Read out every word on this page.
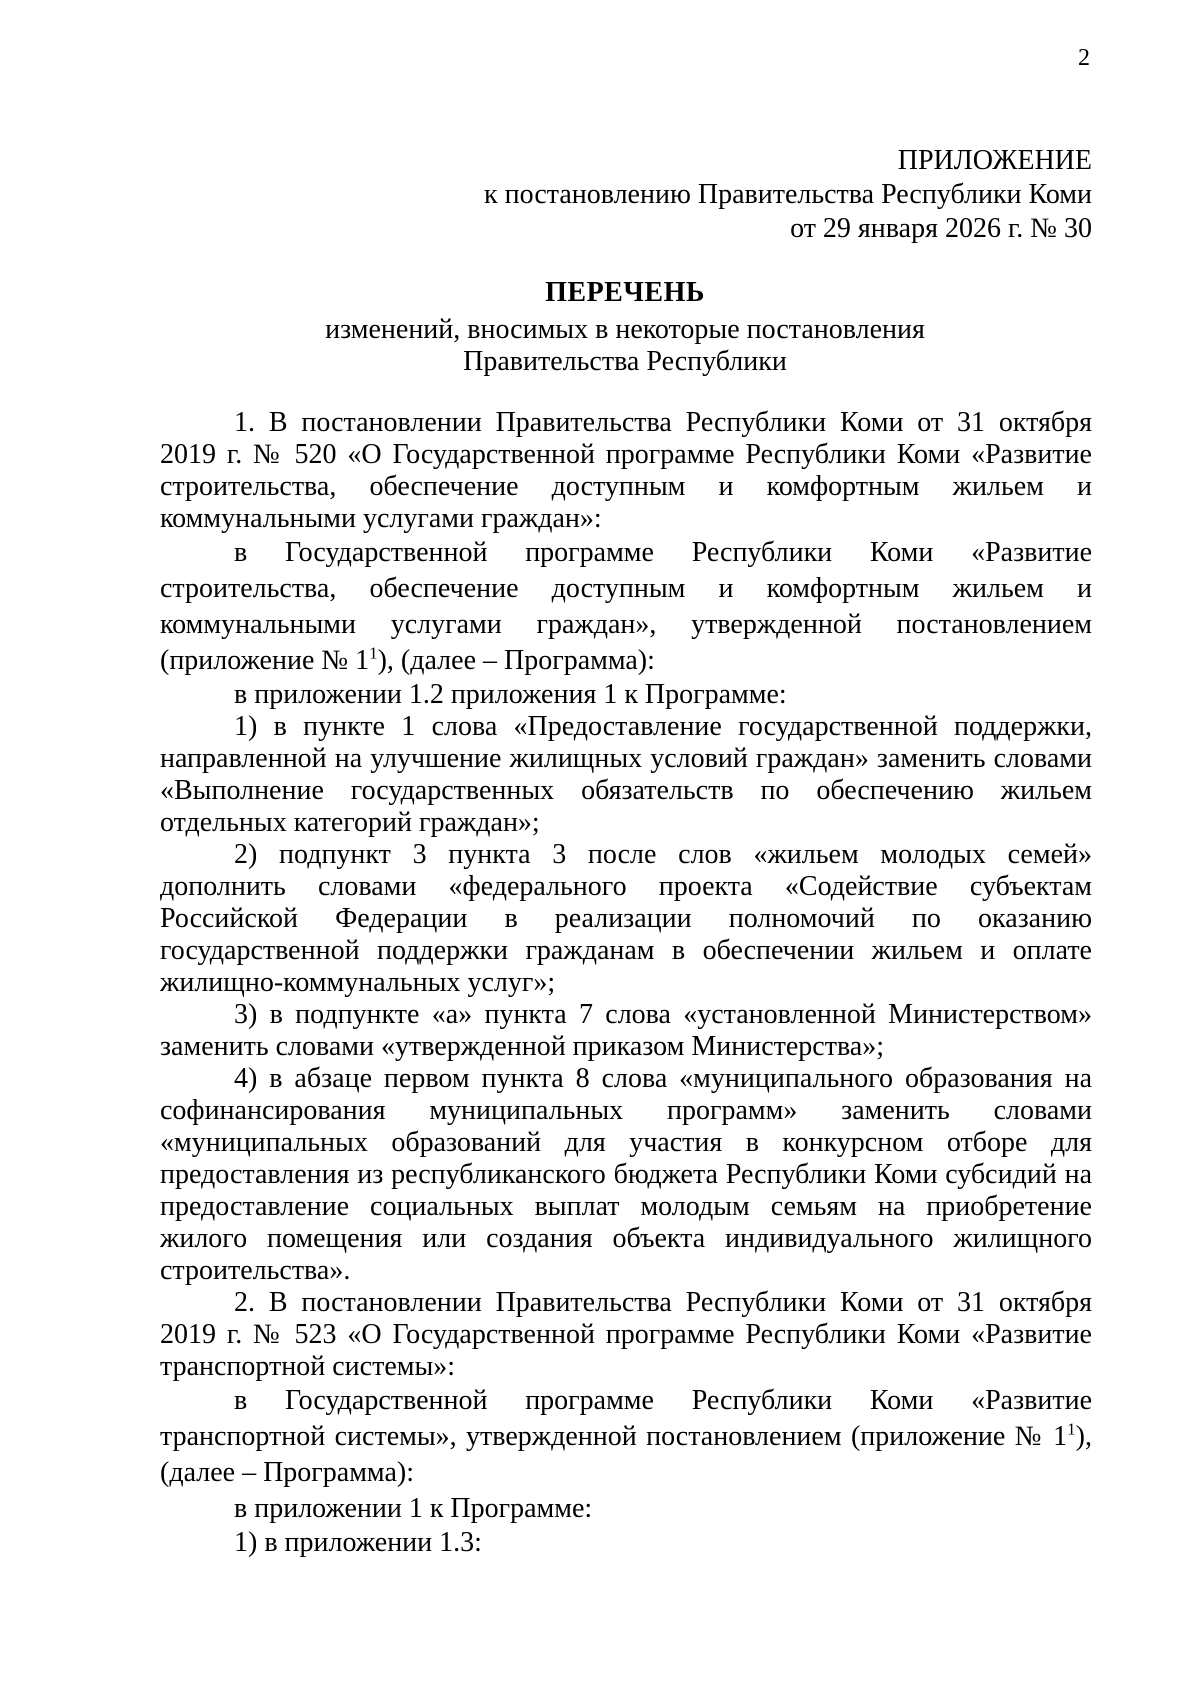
2
ПРИЛОЖЕНИЕ
к постановлению Правительства Республики Коми
от 29 января 2026 г. № 30
ПЕРЕЧЕНЬ
изменений, вносимых в некоторые постановления
Правительства Республики

1. В постановлении Правительства Республики Коми от 31 октября 2019 г. № 520 «О Государственной программе Республики Коми «Развитие строительства, обеспечение доступным и комфортным жильем и коммунальными услугами граждан»:

в Государственной программе Республики Коми «Развитие строительства, обеспечение доступным и комфортным жильем и коммунальными услугами граждан», утвержденной постановлением (приложение № $1^1$), (далее – Программа):

в приложении 1.2 приложения 1 к Программе:

1) в пункте 1 слова «Предоставление государственной поддержки, направленной на улучшение жилищных условий граждан» заменить словами «Выполнение государственных обязательств по обеспечению жильем отдельных категорий граждан»;

2) подпункт 3 пункта 3 после слов «жильем молодых семей» дополнить словами «федерального проекта «Содействие субъектам Российской Федерации в реализации полномочий по оказанию государственной поддержки гражданам в обеспечении жильем и оплате жилищно-коммунальных услуг»;

3) в подпункте «а» пункта 7 слова «установленной Министерством» заменить словами «утвержденной приказом Министерства»;

4) в абзаце первом пункта 8 слова «муниципального образования на софинансирования муниципальных программ» заменить словами «муниципальных образований для участия в конкурсном отборе для предоставления из республиканского бюджета Республики Коми субсидий на предоставление социальных выплат молодым семьям на приобретение жилого помещения или создания объекта индивидуального жилищного строительства».

2. В постановлении Правительства Республики Коми от 31 октября 2019 г. № 523 «О Государственной программе Республики Коми «Развитие транспортной системы»:

в Государственной программе Республики Коми «Развитие транспортной системы», утвержденной постановлением (приложение № $1^1$), (далее – Программа):

в приложении 1 к Программе:

1) в приложении 1.3:
